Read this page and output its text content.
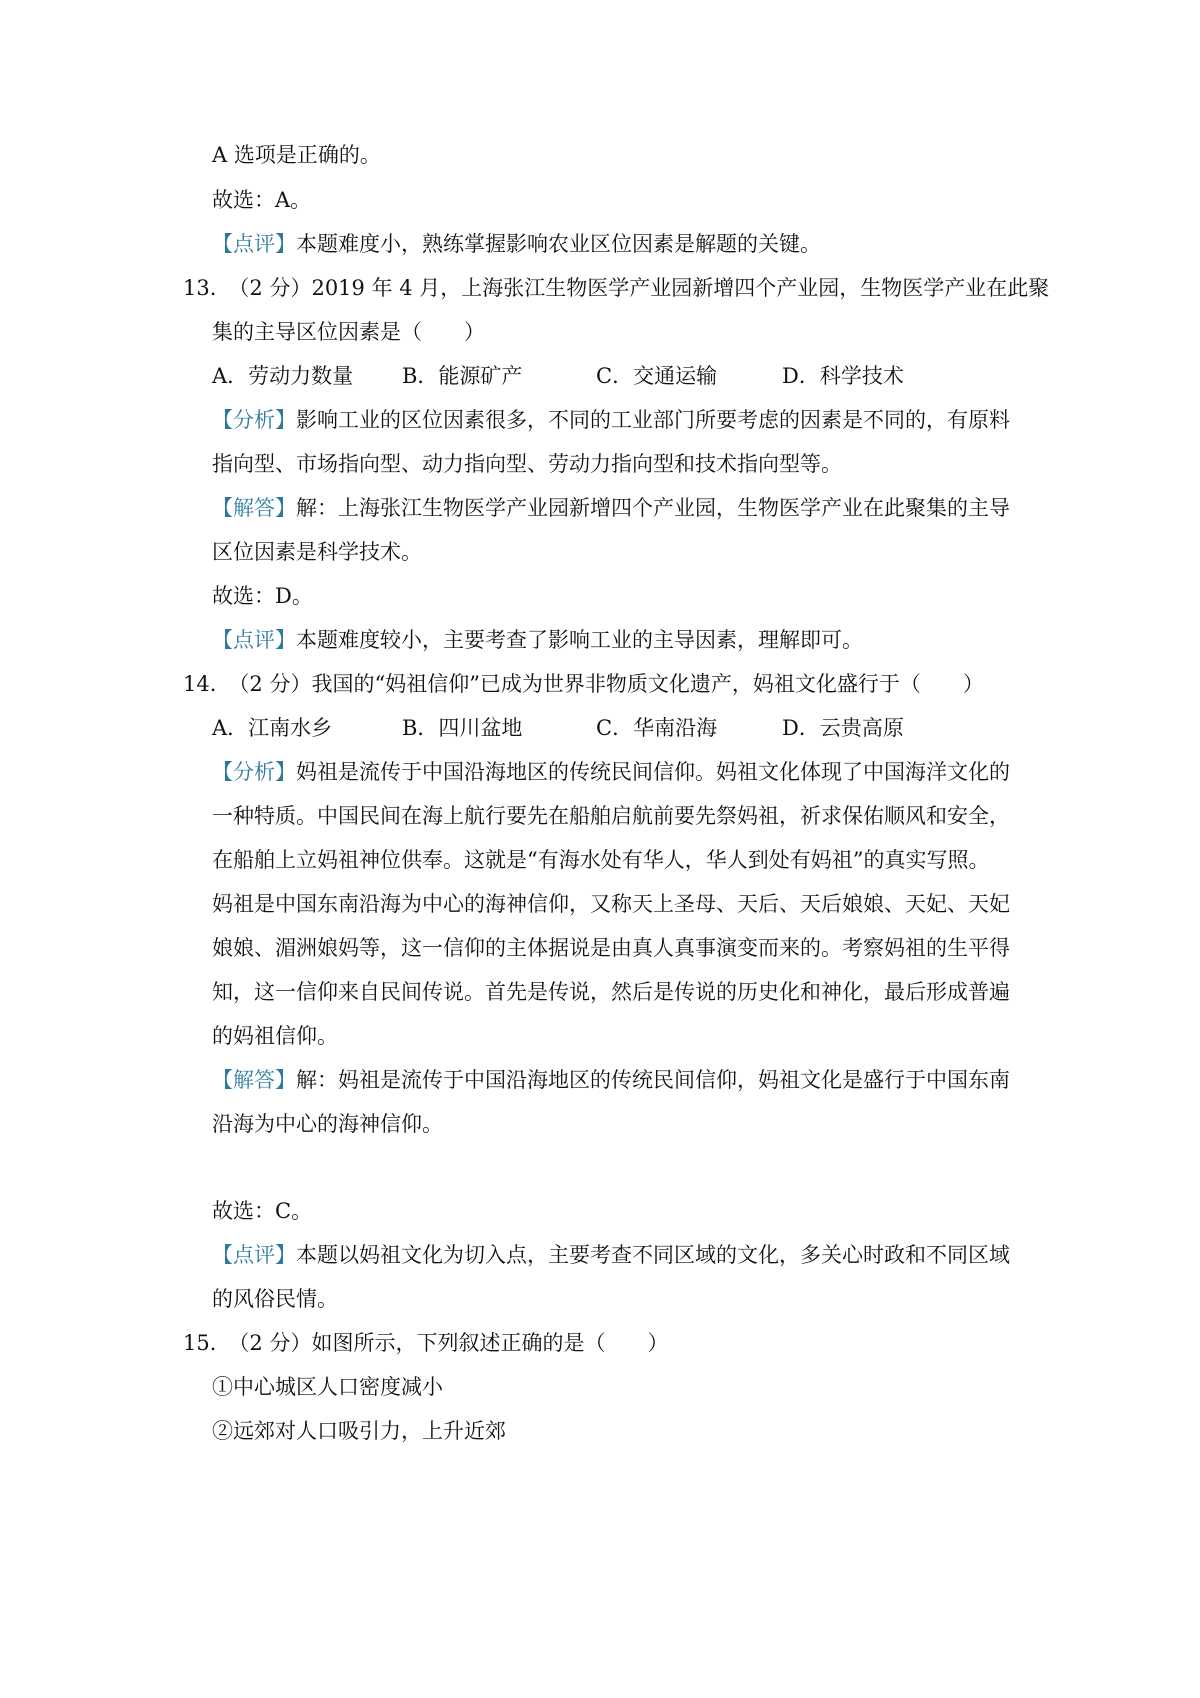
A 选项是正确的。
故选：A。
【点评】本题难度小，熟练掌握影响农业区位因素是解题的关键。
13. （2 分）2019 年 4 月，上海张江生物医学产业园新增四个产业园，生物医学产业在此聚
集的主导区位因素是（　　）
A．劳动力数量 B．能源矿产	C．交通运输	D．科学技术
【分析】影响工业的区位因素很多，不同的工业部门所要考虑的因素是不同的，有原料
指向型、市场指向型、动力指向型、劳动力指向型和技术指向型等。
【解答】解：上海张江生物医学产业园新增四个产业园，生物医学产业在此聚集的主导
区位因素是科学技术。
故选：D。
【点评】本题难度较小，主要考查了影响工业的主导因素，理解即可。
14. （2 分）我国的“妈祖信仰”已成为世界非物质文化遗产，妈祖文化盛行于（　　）
A．江南水乡	B．四川盆地	C．华南沿海	D．云贵高原
【分析】妈祖是流传于中国沿海地区的传统民间信仰。妈祖文化体现了中国海洋文化的
一种特质。中国民间在海上航行要先在船舶启航前要先祭妈祖，祈求保佑顺风和安全，
在船舶上立妈祖神位供奉。这就是“有海水处有华人，华人到处有妈祖”的真实写照。
妈祖是中国东南沿海为中心的海神信仰，又称天上圣母、天后、天后娘娘、天妃、天妃
娘娘、湄洲娘妈等，这一信仰的主体据说是由真人真事演变而来的。考察妈祖的生平得
知，这一信仰来自民间传说。首先是传说，然后是传说的历史化和神化，最后形成普遍
的妈祖信仰。
【解答】解：妈祖是流传于中国沿海地区的传统民间信仰，妈祖文化是盛行于中国东南
沿海为中心的海神信仰。
故选：C。
【点评】本题以妈祖文化为切入点，主要考查不同区域的文化，多关心时政和不同区域
的风俗民情。
15. （2 分）如图所示，下列叙述正确的是（　　）
①中心城区人口密度减小
②远郊对人口吸引力，上升近郊
